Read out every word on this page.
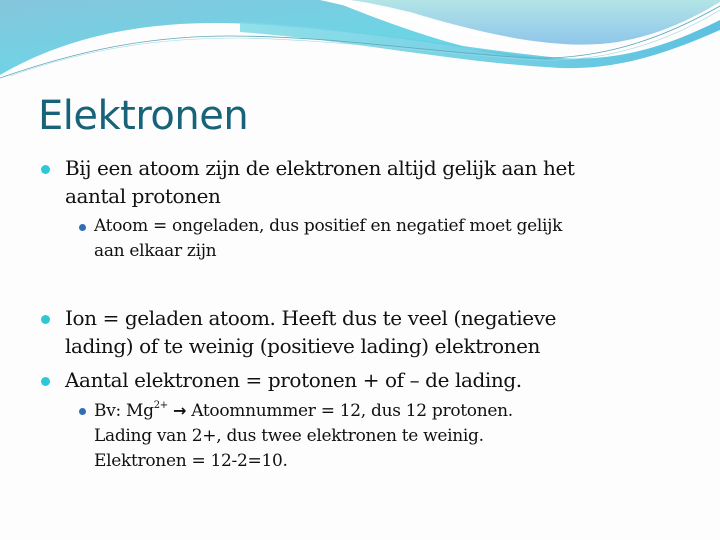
Elektronen
Bij een atoom zijn de elektronen altijd gelijk aan het
aantal protonen
Atoom = ongeladen, dus positief en negatief moet gelijk
aan elkaar zijn
Ion = geladen atoom. Heeft dus te veel (negatieve
lading) of te weinig (positieve lading) elektronen
Aantal elektronen = protonen + of – de lading.
Bv: $Mg^{2+}$ → Atoomnummer = 12, dus 12 protonen.
Lading van 2+, dus twee elektronen te weinig.
Elektronen = 12-2=10.
